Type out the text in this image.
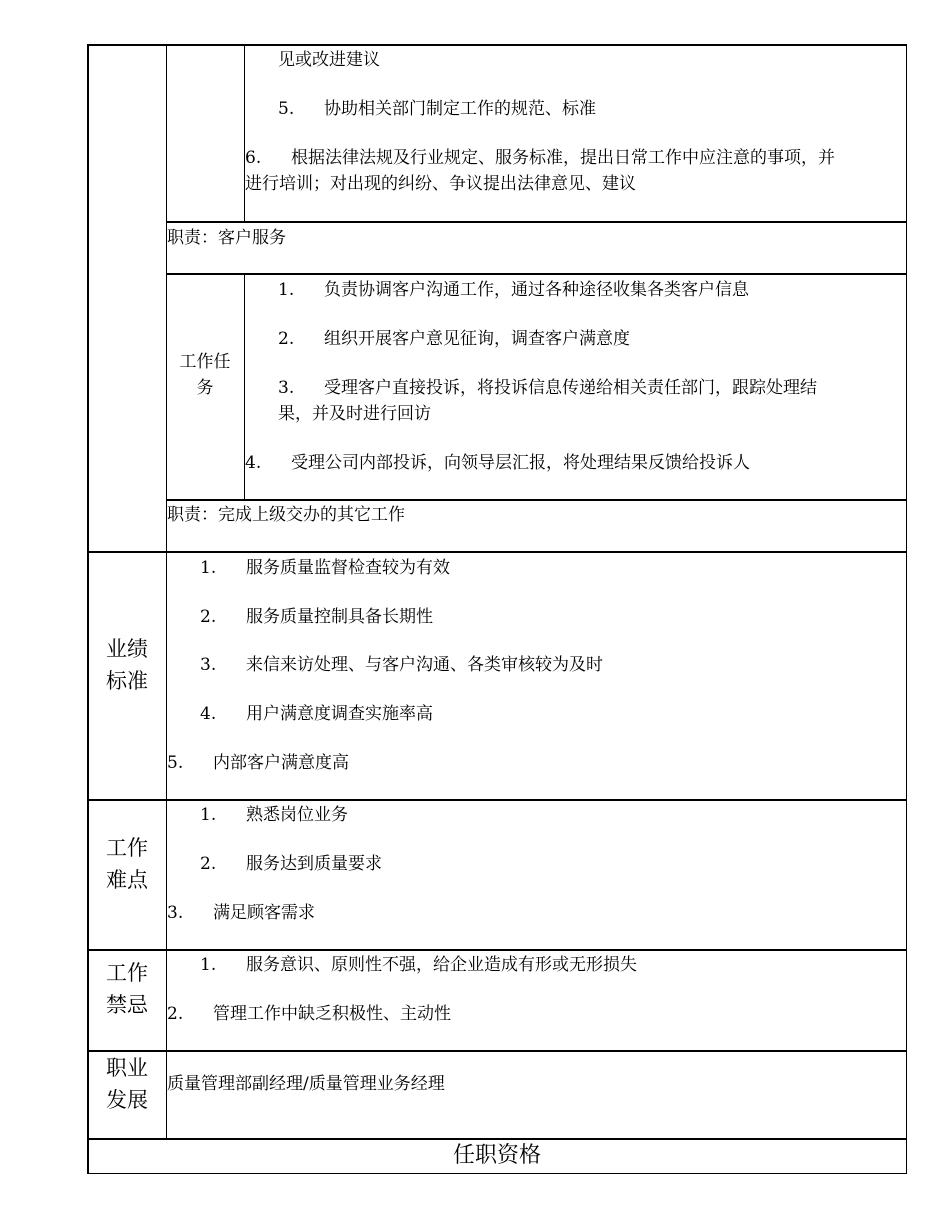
见或改进建议
5. 协助相关部门制定工作的规范、标准
6. 根据法律法规及行业规定、服务标准，提出日常工作中应注意的事项，并
进行培训；对出现的纠纷、争议提出法律意见、建议
职责：客户服务
工作任
务
1. 负责协调客户沟通工作，通过各种途径收集各类客户信息
2. 组织开展客户意见征询，调查客户满意度
3. 受理客户直接投诉，将投诉信息传递给相关责任部门，跟踪处理结
果，并及时进行回访
4. 受理公司内部投诉，向领导层汇报，将处理结果反馈给投诉人
职责：完成上级交办的其它工作
业绩
标准
1. 服务质量监督检查较为有效
2. 服务质量控制具备长期性
3. 来信来访处理、与客户沟通、各类审核较为及时
4. 用户满意度调查实施率高
5. 内部客户满意度高
工作
难点
1. 熟悉岗位业务
2. 服务达到质量要求
3. 满足顾客需求
工作
禁忌
1. 服务意识、原则性不强，给企业造成有形或无形损失
2. 管理工作中缺乏积极性、主动性
职业
发展
质量管理部副经理/质量管理业务经理
任职资格
